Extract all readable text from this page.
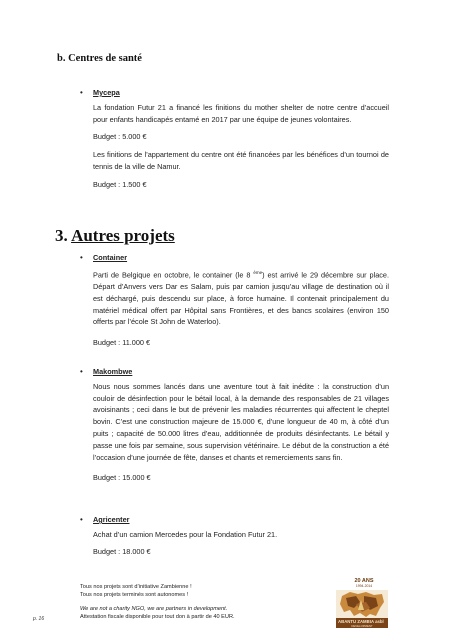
b. Centres de santé
• Mycepa

La fondation Futur 21 a financé les finitions du mother shelter de notre centre d’accueil pour enfants handicapés entamé en 2017 par une équipe de jeunes volontaires.

Budget : 5.000 €

Les finitions de l’appartement du centre ont été financées par les bénéfices d’un tournoi de tennis de la ville de Namur.

Budget : 1.500 €

3. Autres projets
• Container

Parti de Belgique en octobre, le container (le 8 $^{ème}$) est arrivé le 29 décembre sur place. Départ d’Anvers vers Dar es Salam, puis par camion jusqu’au village de destination où il est déchargé, puis descendu sur place, à force humaine. Il contenait principalement du matériel médical offert par Hôpital sans Frontières, et des bancs scolaires (environ 150 offerts par l’école St John de Waterloo).

Budget : 11.000 €

• Makombwe

Nous nous sommes lancés dans une aventure tout à fait inédite : la construction d’un couloir de désinfection pour le bétail local, à la demande des responsables de 21 villages avoisinants ; ceci dans le but de prévenir les maladies récurrentes qui affectent le cheptel bovin. C’est une construction majeure de 15.000 €, d’une longueur de 40 m, à côté d’un puits ; capacité de 50.000 litres d’eau, additionnée de produits désinfectants. Le bétail y passe une fois par semaine, sous supervision vétérinaire. Le début de la construction a été l’occasion d’une journée de fête, danses et chants et remerciements sans fin.

Budget : 15.000 €

• Agricenter

Achat d’un camion Mercedes pour la Fondation Futur 21.

Budget : 18.000 €

Tous nos projets sont d’initiative Zambienne !
Tous nos projets terminés sont autonomes !
We are not a charity NGO, we are partners in development.
Attestation fiscale disponible pour tout don à partir de 40 EUR.
p. 16
20 ANS
1994-2014
ABANTU ZAMBIA asbl
DEVELOPMENT
